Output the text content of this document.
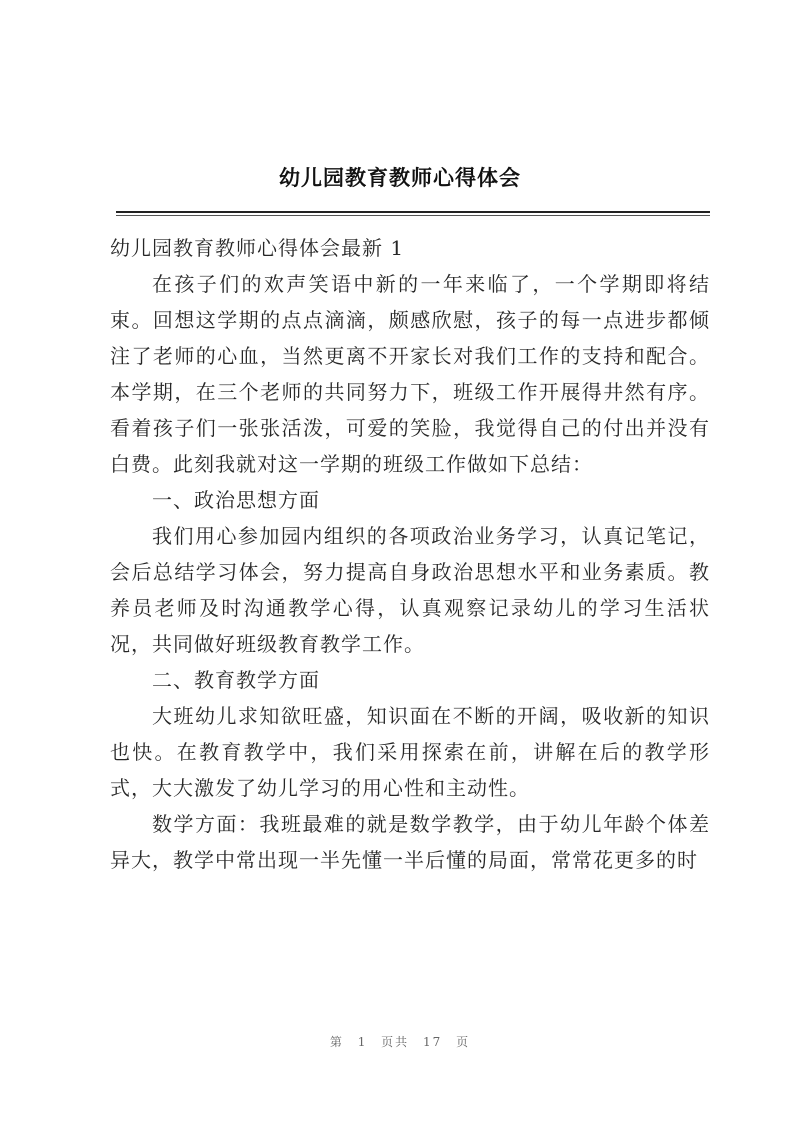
幼儿园教育教师心得体会

幼儿园教育教师心得体会最新 1

在孩子们的欢声笑语中新的一年来临了，一个学期即将结束。回想这学期的点点滴滴，颇感欣慰，孩子的每一点进步都倾注了老师的心血，当然更离不开家长对我们工作的支持和配合。本学期，在三个老师的共同努力下，班级工作开展得井然有序。看着孩子们一张张活泼，可爱的笑脸，我觉得自己的付出并没有白费。此刻我就对这一学期的班级工作做如下总结：

一、政治思想方面

我们用心参加园内组织的各项政治业务学习，认真记笔记，会后总结学习体会，努力提高自身政治思想水平和业务素质。教养员老师及时沟通教学心得，认真观察记录幼儿的学习生活状况，共同做好班级教育教学工作。

二、教育教学方面

大班幼儿求知欲旺盛，知识面在不断的开阔，吸收新的知识也快。在教育教学中，我们采用探索在前，讲解在后的教学形式，大大激发了幼儿学习的用心性和主动性。

数学方面：我班最难的就是数学教学，由于幼儿年龄个体差异大，教学中常出现一半先懂一半后懂的局面，常常花更多的时

第 1 页共 17 页
